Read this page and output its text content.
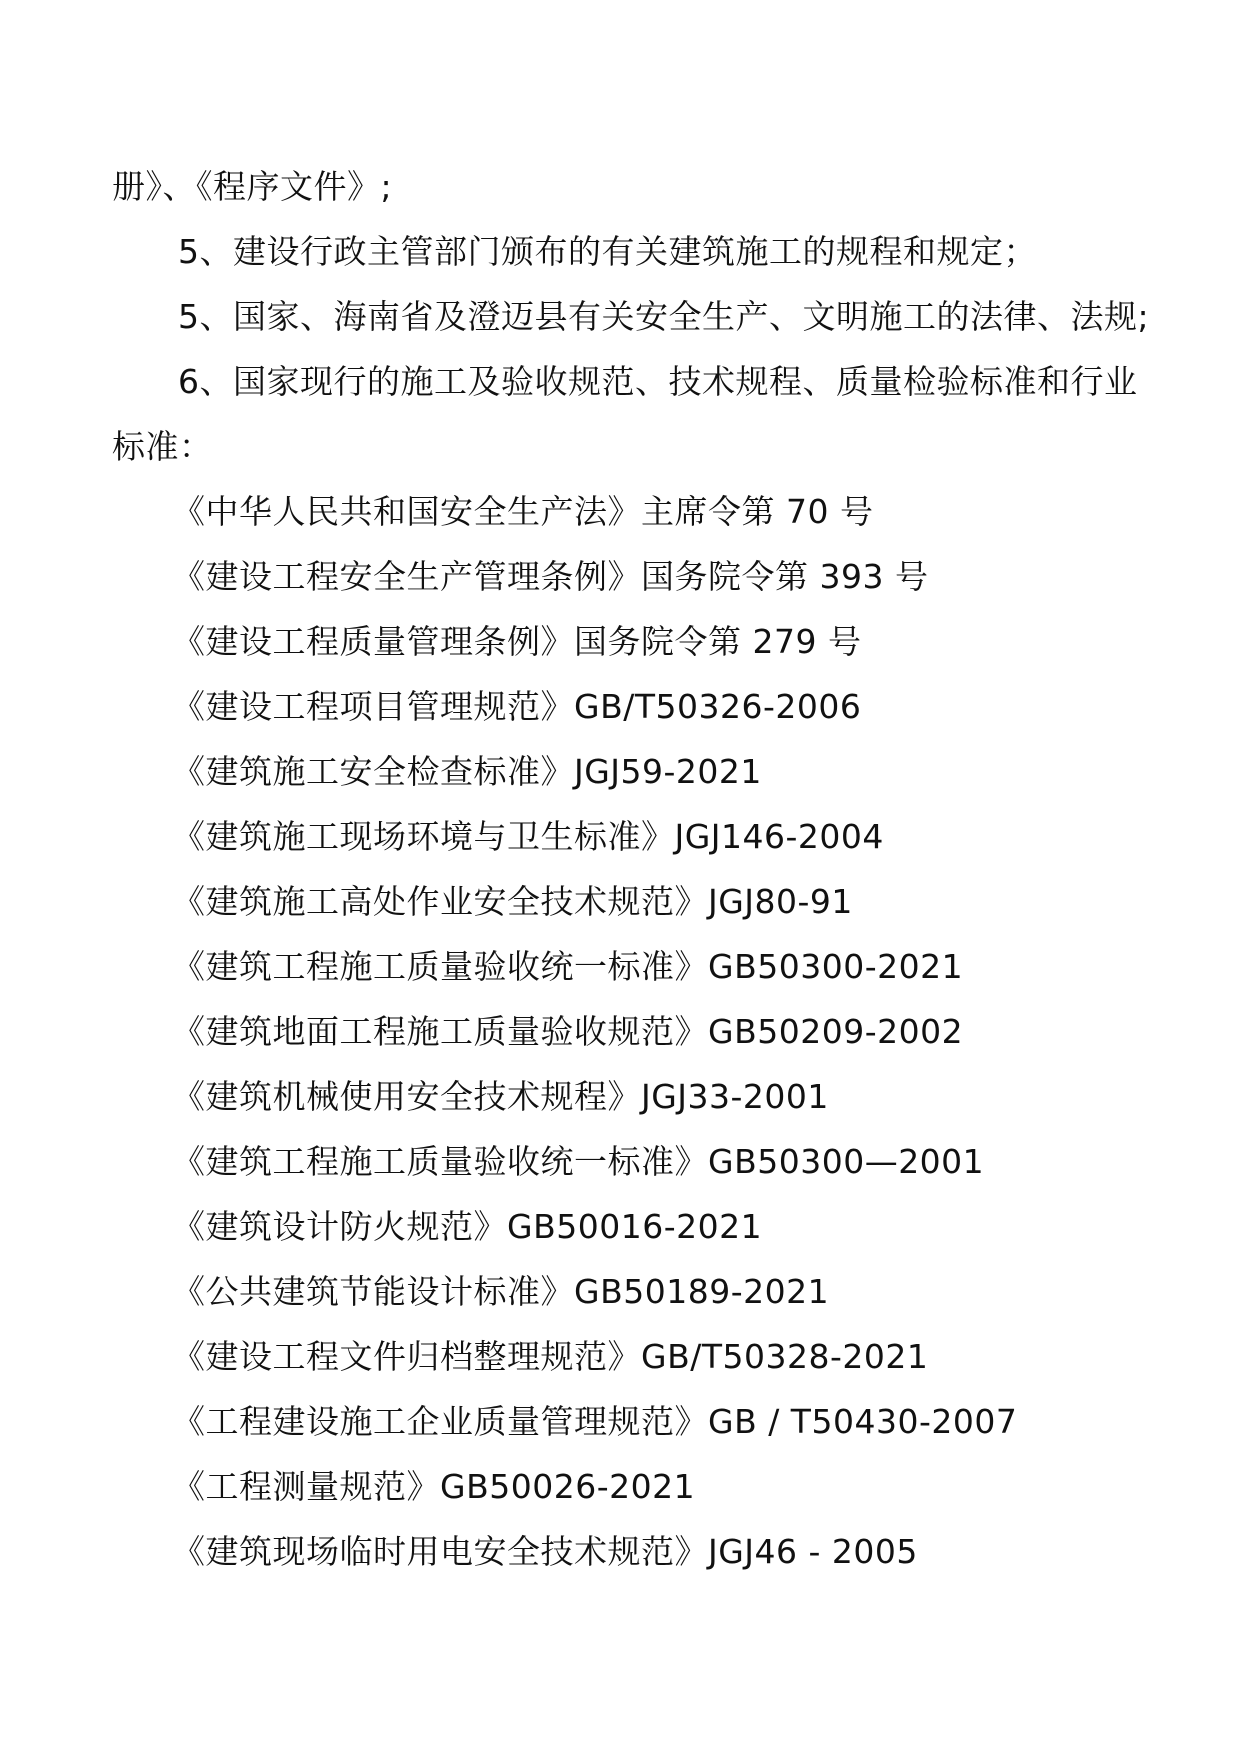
册》、《程序文件》;
5、建设行政主管部门颁布的有关建筑施工的规程和规定；
5、国家、海南省及澄迈县有关安全生产、文明施工的法律、法规;
6、国家现行的施工及验收规范、技术规程、质量检验标准和行业
标准：
《中华人民共和国安全生产法》主席令第 70 号
《建设工程安全生产管理条例》国务院令第 393 号
《建设工程质量管理条例》国务院令第 279 号
《建设工程项目管理规范》GB/T50326-2006
《建筑施工安全检查标准》JGJ59-2021
《建筑施工现场环境与卫生标准》JGJ146-2004
《建筑施工高处作业安全技术规范》JGJ80-91
《建筑工程施工质量验收统一标准》GB50300-2021
《建筑地面工程施工质量验收规范》GB50209-2002
《建筑机械使用安全技术规程》JGJ33-2001
《建筑工程施工质量验收统一标准》GB50300—2001
《建筑设计防火规范》GB50016-2021
《公共建筑节能设计标准》GB50189-2021
《建设工程文件归档整理规范》GB/T50328-2021
《工程建设施工企业质量管理规范》GB / T50430-2007
《工程测量规范》GB50026-2021
《建筑现场临时用电安全技术规范》JGJ46 - 2005
